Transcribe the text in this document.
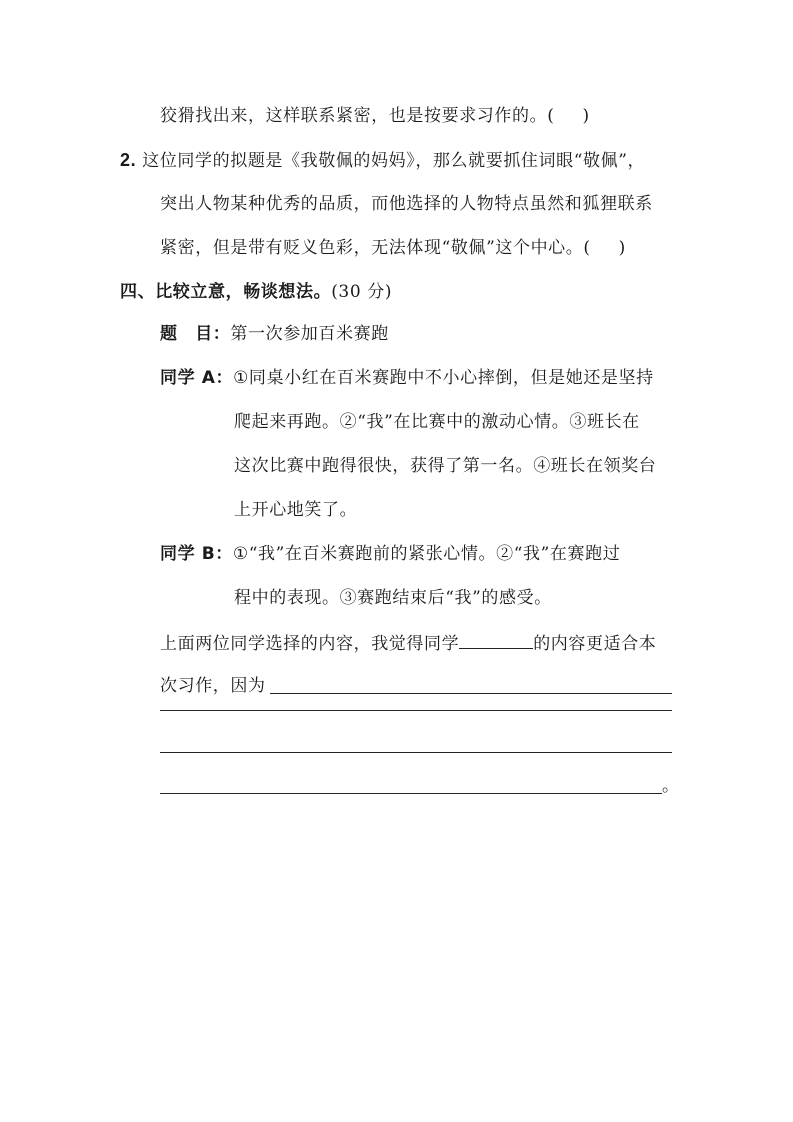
狡猾找出来，这样联系紧密，也是按要求习作的。( )
2. 这位同学的拟题是《我敬佩的妈妈》，那么就要抓住词眼“敬佩”，
突出人物某种优秀的品质，而他选择的人物特点虽然和狐狸联系
紧密，但是带有贬义色彩，无法体现“敬佩”这个中心。( )
四、比较立意，畅谈想法。(30 分)
题　目：第一次参加百米赛跑
同学 A：①同桌小红在百米赛跑中不小心摔倒，但是她还是坚持
爬起来再跑。②“我”在比赛中的激动心情。③班长在
这次比赛中跑得很快，获得了第一名。④班长在领奖台
上开心地笑了。
同学 B：①“我”在百米赛跑前的紧张心情。②“我”在赛跑过
程中的表现。③赛跑结束后“我”的感受。
上面两位同学选择的内容，我觉得同学	的内容更适合本
次习作，因为
。
